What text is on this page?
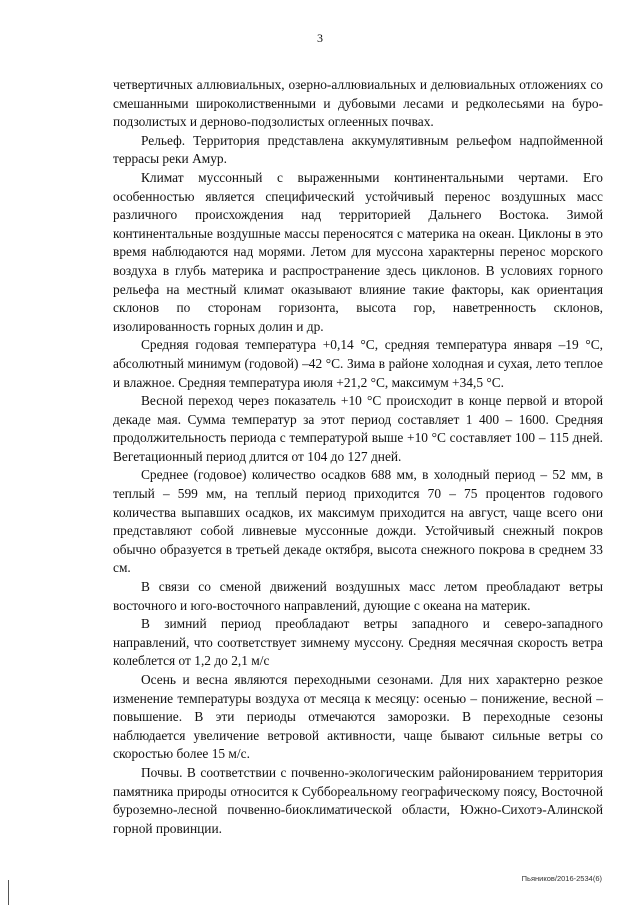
3

четвертичных аллювиальных, озерно-аллювиальных и делювиальных отложениях со смешанными широколиственными и дубовыми лесами и редколесьями на буро-подзолистых и дерново-подзолистых оглеенных почвах.

Рельеф. Территория представлена аккумулятивным рельефом надпойменной террасы реки Амур.

Климат муссонный с выраженными континентальными чертами. Его особенностью является специфический устойчивый перенос воздушных масс различного происхождения над территорией Дальнего Востока. Зимой континентальные воздушные массы переносятся с материка на океан. Циклоны в это время наблюдаются над морями. Летом для муссона характерны перенос морского воздуха в глубь материка и распространение здесь циклонов. В условиях горного рельефа на местный климат оказывают влияние такие факторы, как ориентация склонов по сторонам горизонта, высота гор, наветренность склонов, изолированность горных долин и др.

Средняя годовая температура +0,14 °С, средняя температура января –19 °С, абсолютный минимум (годовой) –42 °С. Зима в районе холодная и сухая, лето теплое и влажное. Средняя температура июля +21,2 °С, максимум +34,5 °С.

Весной переход через показатель +10 °С происходит в конце первой и второй декаде мая. Сумма температур за этот период составляет 1 400 – 1600. Средняя продолжительность периода с температурой выше +10 °С составляет 100 – 115 дней. Вегетационный период длится от 104 до 127 дней.

Среднее (годовое) количество осадков 688 мм, в холодный период – 52 мм, в теплый – 599 мм, на теплый период приходится 70 – 75 процентов годового количества выпавших осадков, их максимум приходится на август, чаще всего они представляют собой ливневые муссонные дожди. Устойчивый снежный покров обычно образуется в третьей декаде октября, высота снежного покрова в среднем 33 см.

В связи со сменой движений воздушных масс летом преобладают ветры восточного и юго-восточного направлений, дующие с океана на материк.

В зимний период преобладают ветры западного и северо-западного направлений, что соответствует зимнему муссону. Средняя месячная скорость ветра колеблется от 1,2 до 2,1 м/с

Осень и весна являются переходными сезонами. Для них характерно резкое изменение температуры воздуха от месяца к месяцу: осенью – понижение, весной – повышение. В эти периоды отмечаются заморозки. В переходные сезоны наблюдается увеличение ветровой активности, чаще бывают сильные ветры со скоростью более 15 м/с.

Почвы. В соответствии с почвенно-экологическим районированием территория памятника природы относится к Суббореальному географическому поясу, Восточной буроземно-лесной почвенно-биоклиматической области, Южно-Сихотэ-Алинской горной провинции.

Пьяников/2016-2534(6)
